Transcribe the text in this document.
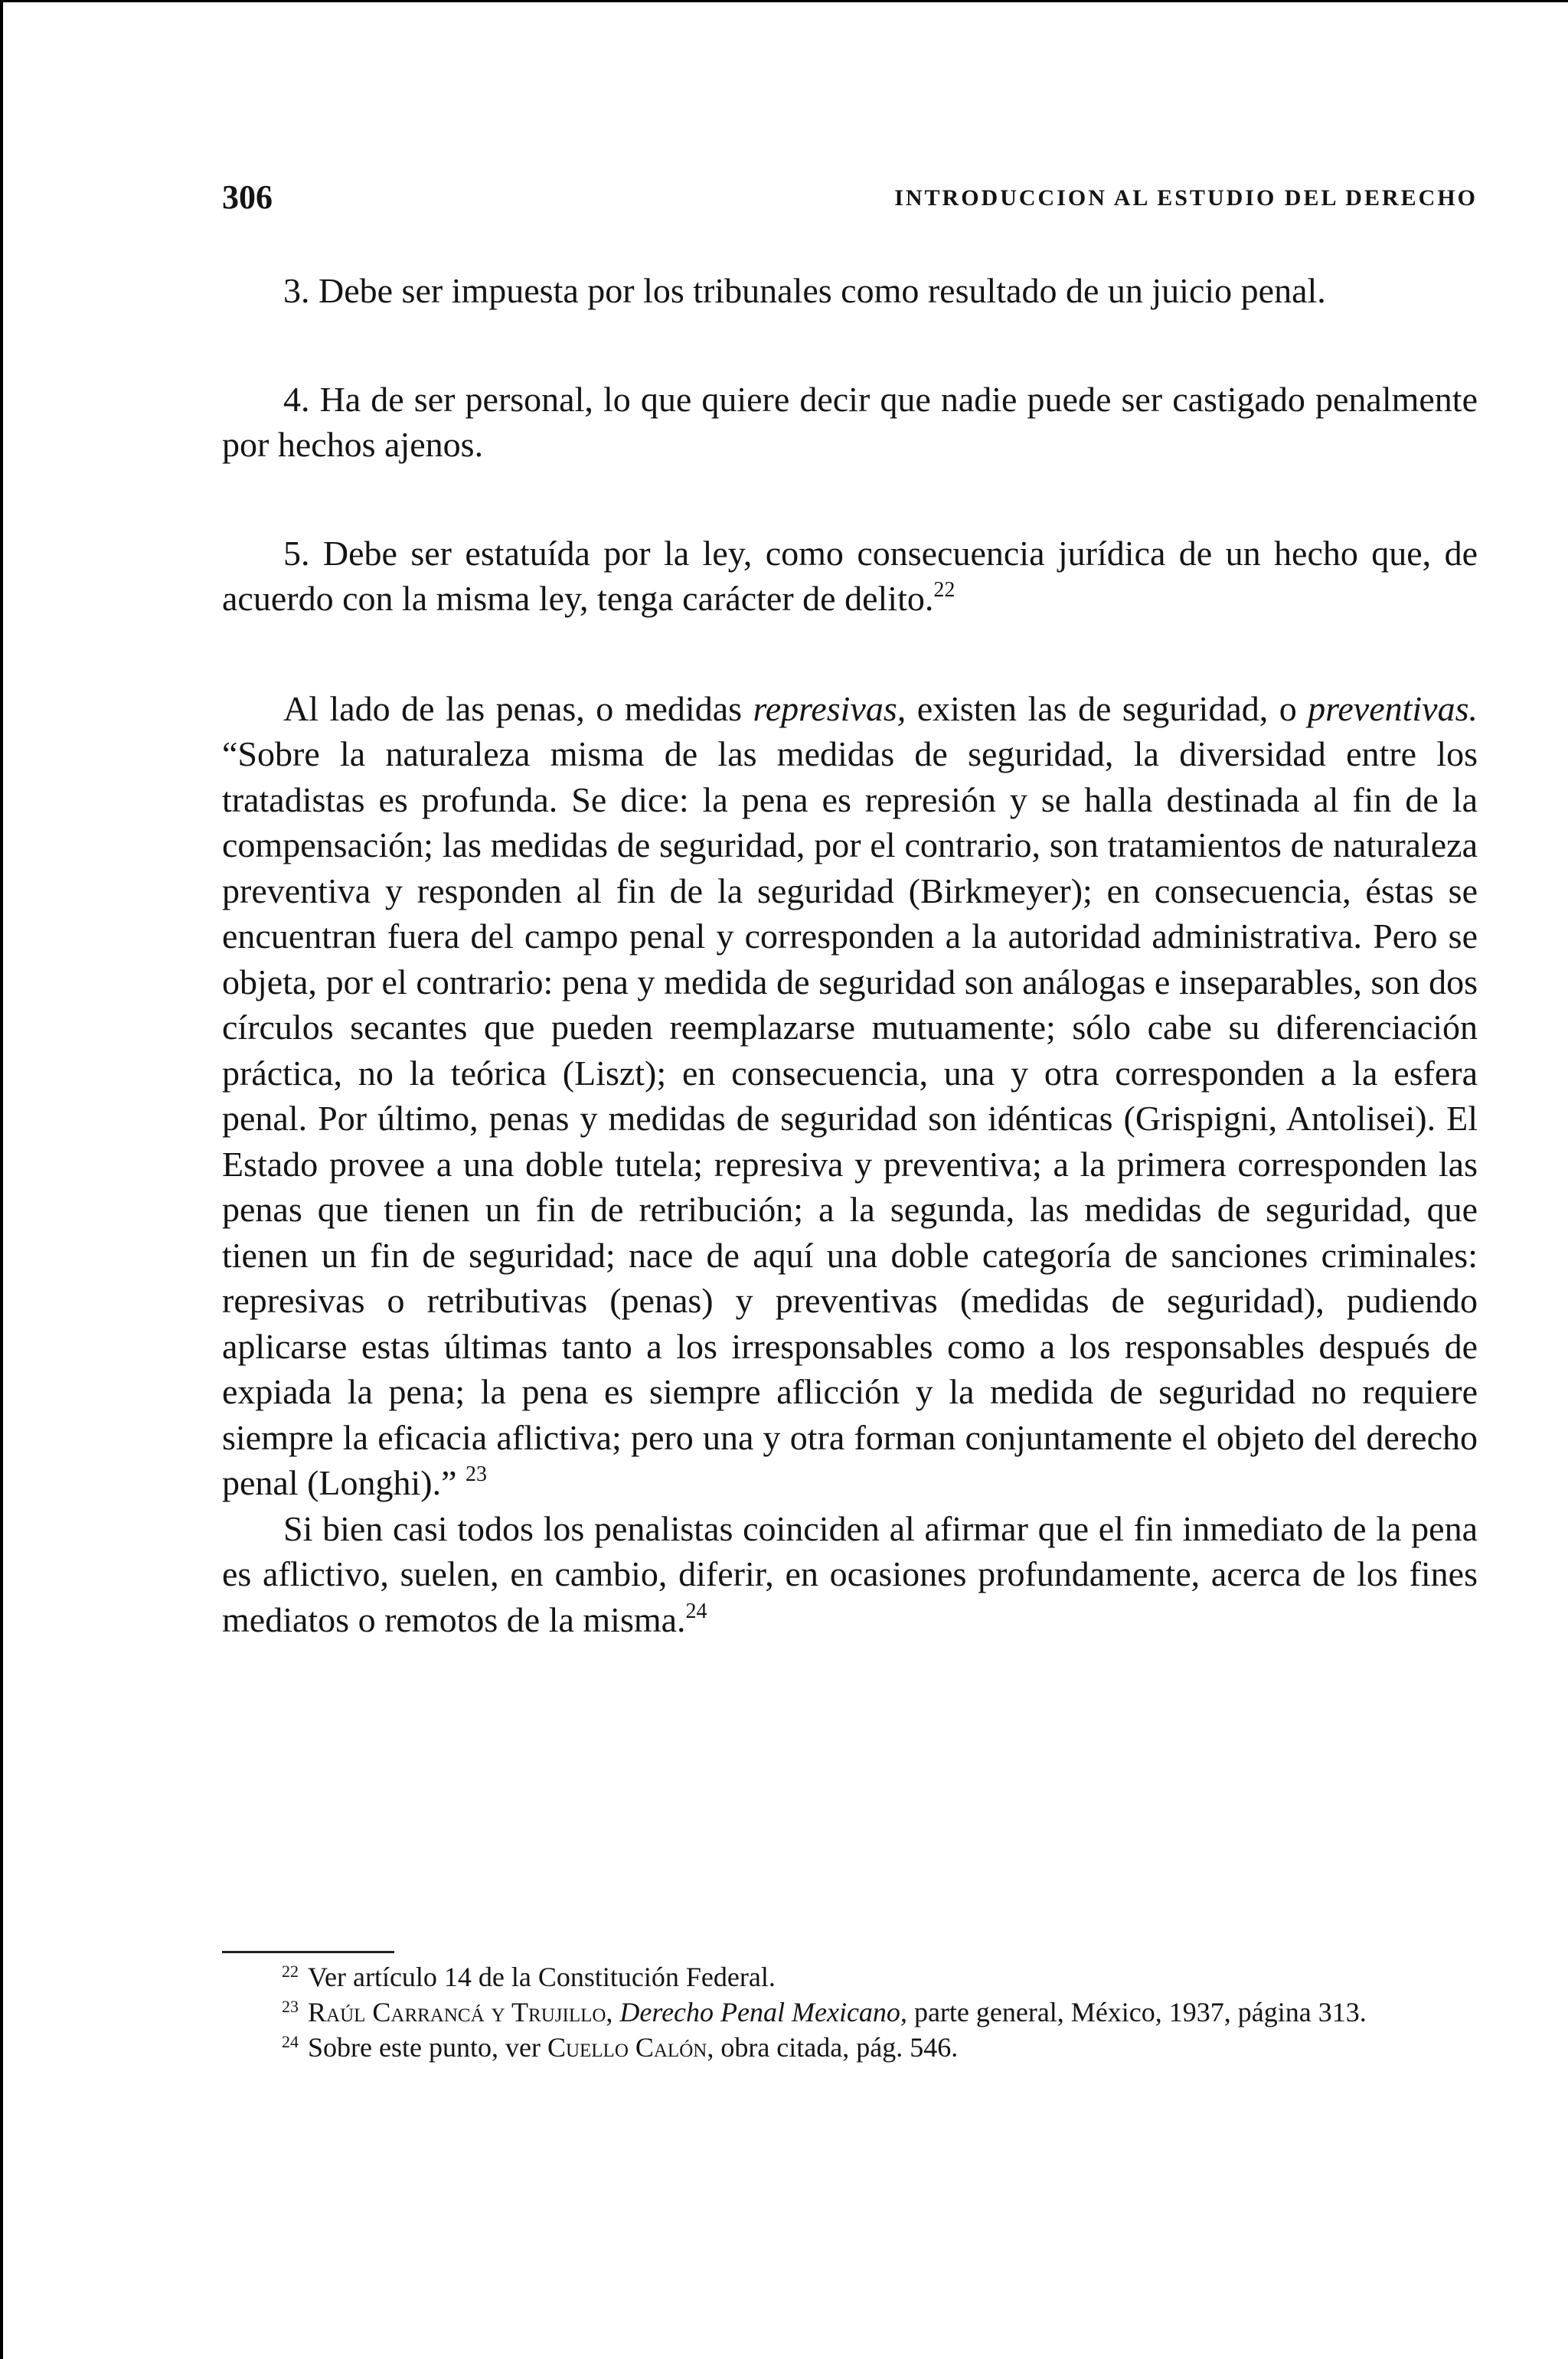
306	INTRODUCCION AL ESTUDIO DEL DERECHO

3. Debe ser impuesta por los tribunales como resultado de un juicio penal.

4. Ha de ser personal, lo que quiere decir que nadie puede ser castigado penalmente por hechos ajenos.

5. Debe ser estatuída por la ley, como consecuencia jurídica de un hecho que, de acuerdo con la misma ley, tenga carácter de delito.$^{22}$

Al lado de las penas, o medidas represivas, existen las de seguridad, o preventivas. “Sobre la naturaleza misma de las medidas de seguridad, la diversidad entre los tratadistas es profunda. Se dice: la pena es represión y se halla destinada al fin de la compensación; las medidas de seguridad, por el contrario, son tratamientos de naturaleza preventiva y responden al fin de la seguridad (Birkmeyer); en consecuencia, éstas se encuentran fuera del campo penal y corresponden a la autoridad administrativa. Pero se objeta, por el contrario: pena y medida de seguridad son análogas e inseparables, son dos círculos secantes que pueden reemplazarse mutuamente; sólo cabe su diferenciación práctica, no la teórica (Liszt); en consecuencia, una y otra corresponden a la esfera penal. Por último, penas y medidas de seguridad son idénticas (Grispigni, Antolisei). El Estado provee a una doble tutela; represiva y preventiva; a la primera corresponden las penas que tienen un fin de retribución; a la segunda, las medidas de seguridad, que tienen un fin de seguridad; nace de aquí una doble categoría de sanciones criminales: represivas o retributivas (penas) y preventivas (medidas de seguridad), pudiendo aplicarse estas últimas tanto a los irresponsables como a los responsables después de expiada la pena; la pena es siempre aflicción y la medida de seguridad no requiere siempre la eficacia aflictiva; pero una y otra forman conjuntamente el objeto del derecho penal (Longhi).” $^{23}$

Si bien casi todos los penalistas coinciden al afirmar que el fin inmediato de la pena es aflictivo, suelen, en cambio, diferir, en ocasiones profundamente, acerca de los fines mediatos o remotos de la misma.$^{24}$

$^{22}$ Ver artículo 14 de la Constitución Federal.

$^{23}$ Raúl Carrancá y Trujillo, Derecho Penal Mexicano, parte general, México, 1937, página 313.

$^{24}$ Sobre este punto, ver Cuello Calón, obra citada, pág. 546.
